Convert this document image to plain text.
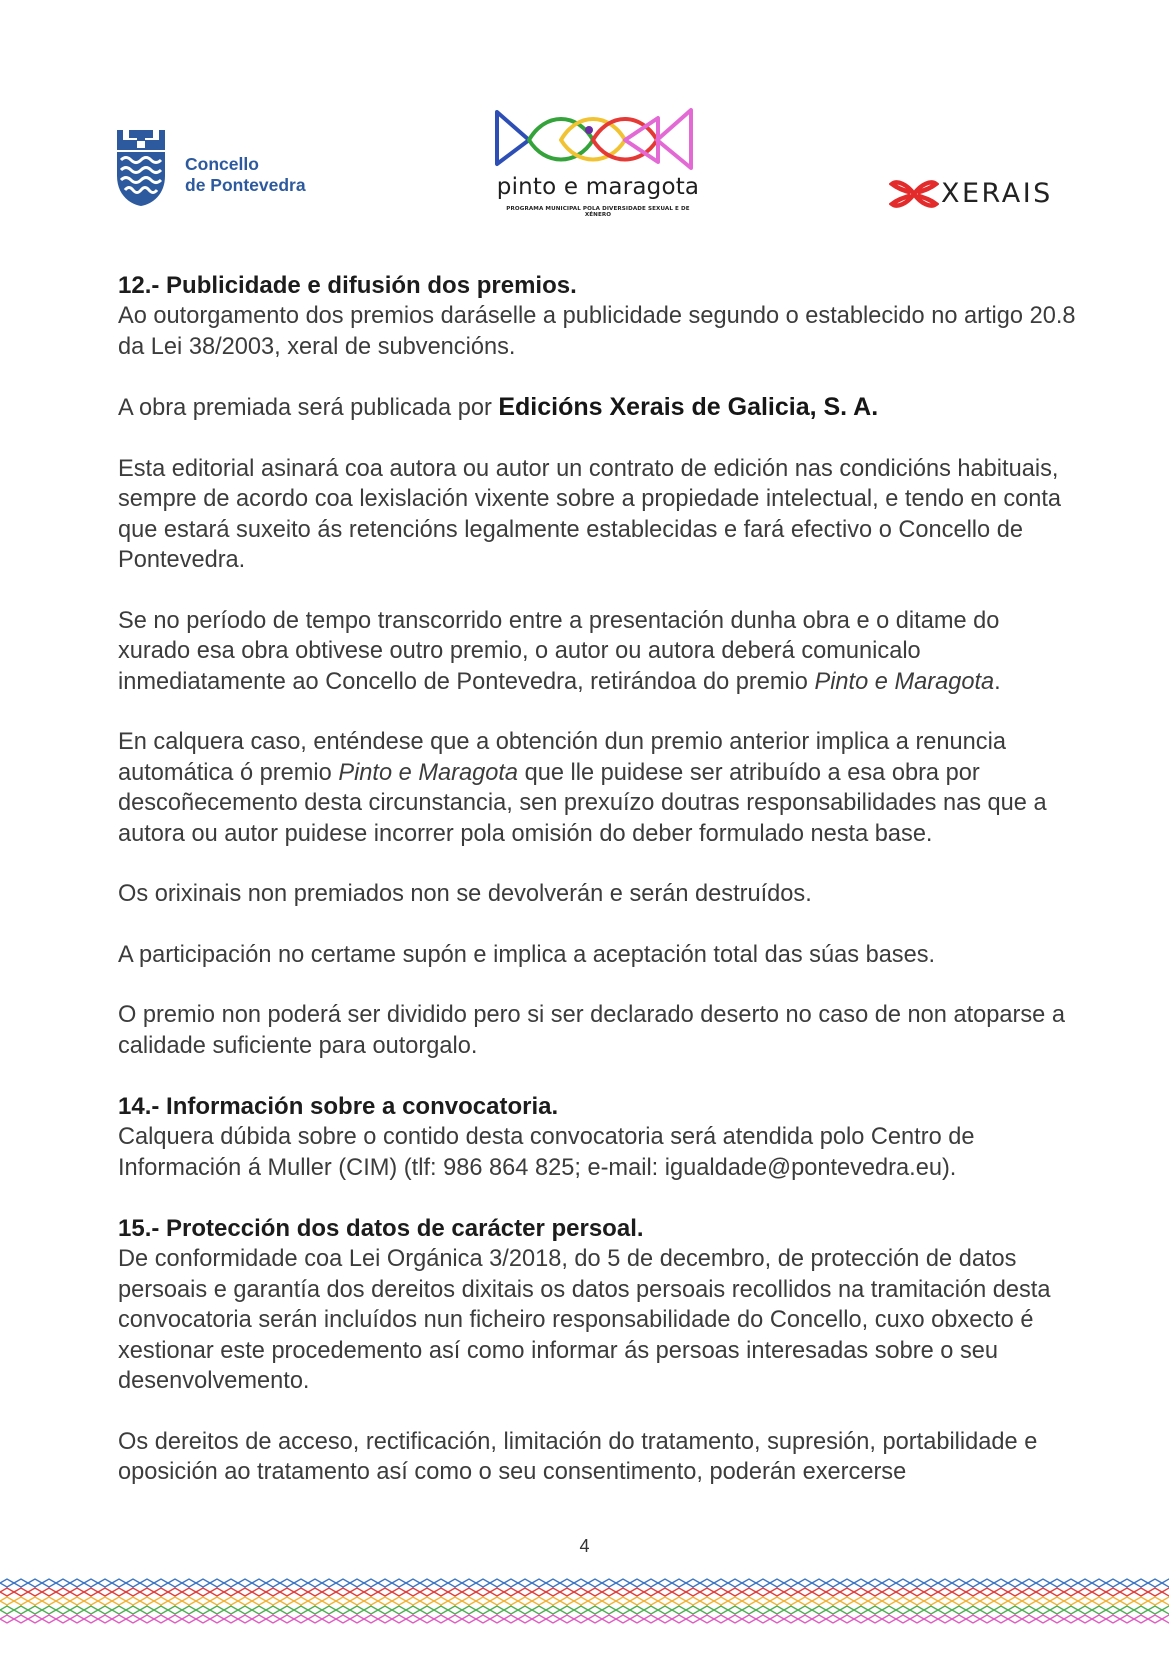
Concello
de Pontevedra	pinto e maragota
PROGRAMA MUNICIPAL POLA DIVERSIDADE SEXUAL E DE XÉNERO
XERAIS
12.- Publicidade e difusión dos premios.

Ao outorgamento dos premios daráselle a publicidade segundo o establecido no artigo 20.8 da Lei 38/2003, xeral de subvencións.

A obra premiada será publicada por Edicións Xerais de Galicia, S. A.

Esta editorial asinará coa autora ou autor un contrato de edición nas condicións habituais, sempre de acordo coa lexislación vixente sobre a propiedade intelectual, e tendo en conta que estará suxeito ás retencións legalmente establecidas e fará efectivo o Concello de Pontevedra.

Se no período de tempo transcorrido entre a presentación dunha obra e o ditame do xurado esa obra obtivese outro premio, o autor ou autora deberá comunicalo inmediatamente ao Concello de Pontevedra, retirándoa do premio Pinto e Maragota.

En calquera caso, enténdese que a obtención dun premio anterior implica a renuncia automática ó premio Pinto e Maragota que lle puidese ser atribuído a esa obra por descoñecemento desta circunstancia, sen prexuízo doutras responsabilidades nas que a autora ou autor puidese incorrer pola omisión do deber formulado nesta base.

Os orixinais non premiados non se devolverán e serán destruídos.

A participación no certame supón e implica a aceptación total das súas bases.

O premio non poderá ser dividido pero si ser declarado deserto no caso de non atoparse a calidade suficiente para outorgalo.

14.- Información sobre a convocatoria.

Calquera dúbida sobre o contido desta convocatoria será atendida polo Centro de Información á Muller (CIM) (tlf: 986 864 825; e-mail: igualdade@pontevedra.eu).

15.- Protección dos datos de carácter persoal.

De conformidade coa Lei Orgánica 3/2018, do 5 de decembro, de protección de datos persoais e garantía dos dereitos dixitais os datos persoais recollidos na tramitación desta convocatoria serán incluídos nun ficheiro responsabilidade do Concello, cuxo obxecto é xestionar este procedemento así como informar ás persoas interesadas sobre o seu desenvolvemento.

Os dereitos de acceso, rectificación, limitación do tratamento, supresión, portabilidade e oposición ao tratamento así como o seu consentimento, poderán exercerse

4
